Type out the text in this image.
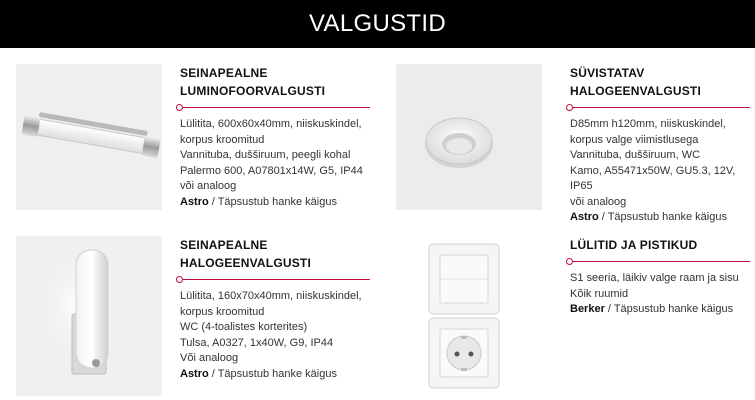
VALGUSTID

SEINAPEALNE
LUMINOFOORVALGUSTI

Lülitita, 600x60x40mm, niiskuskindel,

korpus kroomitud

Vannituba, dušširuum, peegli kohal

Palermo 600, A07801x14W, G5, IP44

või analoog

Astro / Täpsustub hanke käigus

SÜVISTATAV
HALOGEENVALGUSTI

D85mm h120mm, niiskuskindel,

korpus valge viimistlusega

Vannituba, dušširuum, WC

Kamo, A55471x50W, GU5.3, 12V, IP65

või analoog

Astro / Täpsustub hanke käigus

SEINAPEALNE
HALOGEENVALGUSTI

Lülitita, 160x70x40mm, niiskuskindel,

korpus kroomitud

WC (4-toalistes korterites)

Tulsa, A0327, 1x40W, G9, IP44

Või analoog

Astro / Täpsustub hanke käigus

LÜLITID JA PISTIKUD

S1 seeria, läikiv valge raam ja sisu

Kõik ruumid

Berker / Täpsustub hanke käigus
